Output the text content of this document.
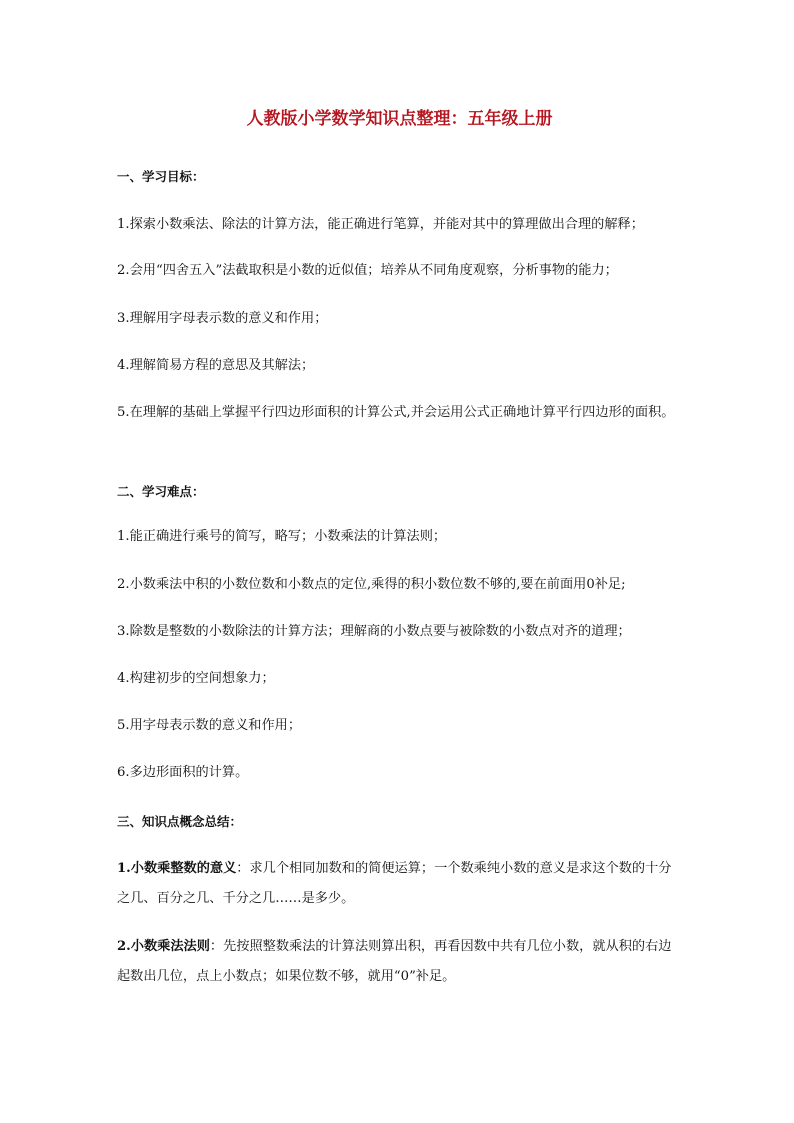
人教版小学数学知识点整理：五年级上册
一、学习目标：
1.探索小数乘法、除法的计算方法，能正确进行笔算，并能对其中的算理做出合理的解释；
2.会用“四舍五入”法截取积是小数的近似值；培养从不同角度观察，分析事物的能力；
3.理解用字母表示数的意义和作用；
4.理解简易方程的意思及其解法；
5.在理解的基础上掌握平行四边形面积的计算公式,并会运用公式正确地计算平行四边形的面积。
二、学习难点：
1.能正确进行乘号的简写，略写；小数乘法的计算法则；
2.小数乘法中积的小数位数和小数点的定位,乘得的积小数位数不够的,要在前面用0补足;
3.除数是整数的小数除法的计算方法；理解商的小数点要与被除数的小数点对齐的道理；
4.构建初步的空间想象力；
5.用字母表示数的意义和作用；
6.多边形面积的计算。
三、知识点概念总结：
1.小数乘整数的意义：求几个相同加数和的简便运算；一个数乘纯小数的意义是求这个数的十分之几、百分之几、千分之几……是多少。
2.小数乘法法则：先按照整数乘法的计算法则算出积，再看因数中共有几位小数，就从积的右边起数出几位，点上小数点；如果位数不够，就用“0”补足。
